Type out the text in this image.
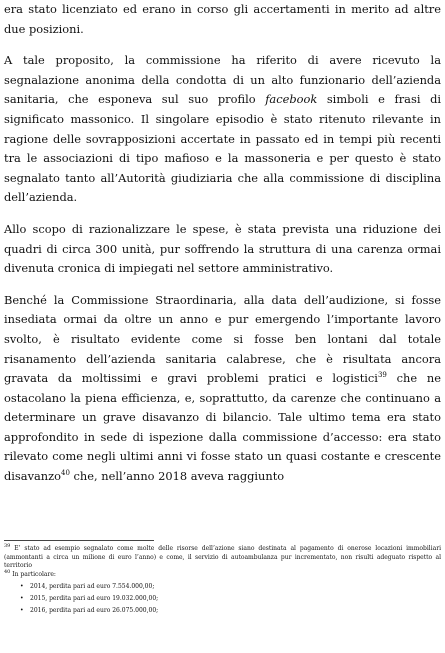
era stato licenziato ed erano in corso gli accertamenti in merito ad altre due posizioni.

A tale proposito, la commissione ha riferito di avere ricevuto la segnalazione anonima della condotta di un alto funzionario dell’azienda sanitaria, che esponeva sul suo profilo facebook simboli e frasi di significato massonico. Il singolare episodio è stato ritenuto rilevante in ragione delle sovrapposizioni accertate in passato ed in tempi più recenti tra le associazioni di tipo mafioso e la massoneria e per questo è stato segnalato tanto all’Autorità giudiziaria che alla commissione di disciplina dell’azienda.

Allo scopo di razionalizzare le spese, è stata prevista una riduzione dei quadri di circa 300 unità, pur soffrendo la struttura di una carenza ormai divenuta cronica di impiegati nel settore amministrativo.

Benché la Commissione Straordinaria, alla data dell’audizione, si fosse insediata ormai da oltre un anno e pur emergendo l’importante lavoro svolto, è risultato evidente come si fosse ben lontani dal totale risanamento dell’azienda sanitaria calabrese, che è risultata ancora gravata da moltissimi e gravi problemi pratici e logistici$^{39}$ che ne ostacolano la piena efficienza, e, soprattutto, da carenze che continuano a determinare un grave disavanzo di bilancio. Tale ultimo tema era stato approfondito in sede di ispezione dalla commissione d’accesso: era stato rilevato come negli ultimi anni vi fosse stato un quasi costante e crescente disavanzo$^{40}$ che, nell’anno 2018 aveva raggiunto

$^{39}$ E’ stato ad esempio segnalato come molte delle risorse dell’azione siano destinata al pagamento di onerose locazioni immobiliari (ammontanti a circa un milione di euro l’anno) e come, il servizio di autoambulanza pur incrementato, non risulti adeguato rispetto al territorio

$^{40}$ In particolare:

• 2014, perdita pari ad euro 7.554.000,00;
• 2015, perdita pari ad euro 19.032.000,00;
• 2016, perdita pari ad euro 26.075.000,00;
